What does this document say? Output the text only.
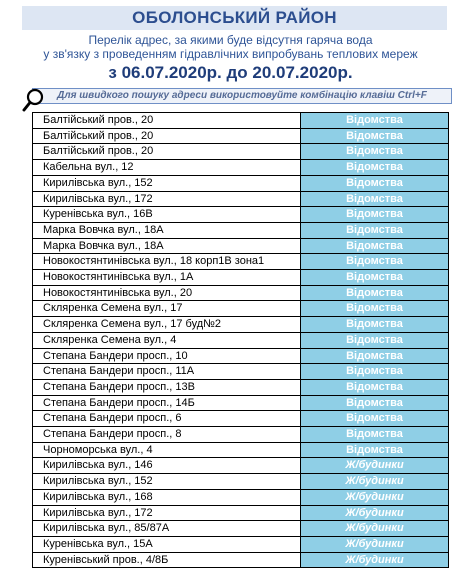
ОБОЛОНСЬКИЙ РАЙОН
Перелік адрес, за якими буде відсутня гаряча вода
у зв'язку з проведенням гідравлічних випробувань теплових мереж
з 06.07.2020р. до 20.07.2020р.
Для швидкого пошуку адреси використовуйте комбінацію клавіш Ctrl+F
Балтійський пров., 20	Відомства
Балтійський пров., 20	Відомства
Балтійський пров., 20	Відомства
Кабельна вул., 12	Відомства
Кирилівська вул., 152	Відомства
Кирилівська вул., 172	Відомства
Куренівська вул., 16В	Відомства
Марка Вовчка вул., 18А	Відомства
Марка Вовчка вул., 18А	Відомства
Новокостянтинівська вул., 18 корп1В зона1	Відомства
Новокостянтинівська вул., 1А	Відомства
Новокостянтинівська вул., 20	Відомства
Скляренка Семена вул., 17	Відомства
Скляренка Семена вул., 17 буд№2	Відомства
Скляренка Семена вул., 4	Відомства
Степана Бандери просп., 10	Відомства
Степана Бандери просп., 11А	Відомства
Степана Бандери просп., 13В	Відомства
Степана Бандери просп., 14Б	Відомства
Степана Бандери просп., 6	Відомства
Степана Бандери просп., 8	Відомства
Чорноморська вул., 4	Відомства
Кирилівська вул., 146	Ж/будинки
Кирилівська вул., 152	Ж/будинки
Кирилівська вул., 168	Ж/будинки
Кирилівська вул., 172	Ж/будинки
Кирилівська вул., 85/87А	Ж/будинки
Куренівська вул., 15А	Ж/будинки
Куренівський пров., 4/8Б	Ж/будинки
